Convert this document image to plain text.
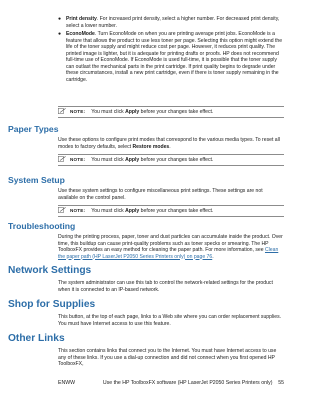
● Print density. For increased print density, select a higher number. For decreased print density, select a lower number.
● EconoMode. Turn EconoMode on when you are printing average print jobs. EconoMode is a feature that allows the product to use less toner per page. Selecting this option might extend the life of the toner supply and might reduce cost per page. However, it reduces print quality. The printed image is lighter, but it is adequate for printing drafts or proofs. HP does not recommend full-time use of EconoMode. If EconoMode is used full-time, it is possible that the toner supply can outlast the mechanical parts in the print cartridge. If print quality begins to degrade under these circumstances, install a new print cartridge, even if there is toner supply remaining in the cartridge.
NOTE: You must click Apply before your changes take effect.
Paper Types
Use these options to configure print modes that correspond to the various media types. To reset all modes to factory defaults, select Restore modes.
NOTE: You must click Apply before your changes take effect.
System Setup
Use these system settings to configure miscellaneous print settings. These settings are not available on the control panel.
NOTE: You must click Apply before your changes take effect.
Troubleshooting
During the printing process, paper, toner and dust particles can accumulate inside the product. Over time, this buildup can cause print-quality problems such as toner specks or smearing. The HP ToolboxFX provides an easy method for cleaning the paper path. For more information, see Clean the paper path (HP LaserJet P2050 Series Printers only) on page 76.
Network Settings
The system administrator can use this tab to control the network-related settings for the product when it is connected to an IP-based network.
Shop for Supplies
This button, at the top of each page, links to a Web site where you can order replacement supplies. You must have Internet access to use this feature.
Other Links
This section contains links that connect you to the Internet. You must have Internet access to use any of these links. If you use a dial-up connection and did not connect when you first opened HP ToolboxFX,
ENWW	Use the HP ToolboxFX software (HP LaserJet P2050 Series Printers only)    55
